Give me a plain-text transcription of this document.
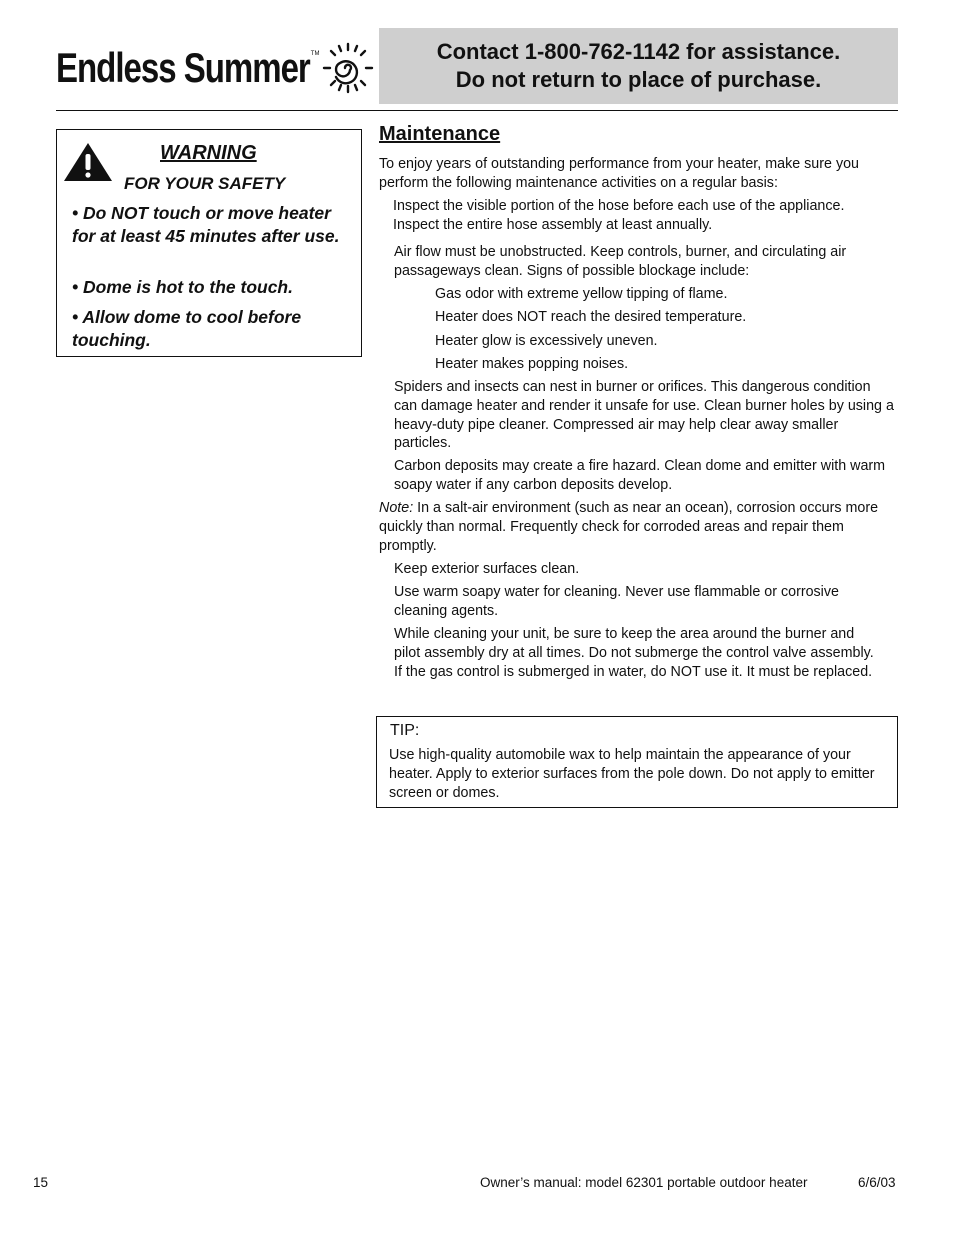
Endless Summer TM	Contact 1-800-762-1142 for assistance.
Do not return to place of purchase.
WARNING
FOR YOUR SAFETY
• Do NOT touch or move heater for at least 45 minutes after use.
• Dome is hot to the touch.
• Allow dome to cool before touching.
Maintenance
To enjoy years of outstanding performance from your heater, make sure you perform the following maintenance activities on a regular basis:
Inspect the visible portion of the hose before each use of the appliance. Inspect the entire hose assembly at least annually.
Air flow must be unobstructed. Keep controls, burner, and circulating air passageways clean. Signs of possible blockage include:
Gas odor with extreme yellow tipping of flame.
Heater does NOT reach the desired temperature.
Heater glow is excessively uneven.
Heater makes popping noises.
Spiders and insects can nest in burner or orifices. This dangerous condition can damage heater and render it unsafe for use. Clean burner holes by using a heavy-duty pipe cleaner. Compressed air may help clear away smaller particles.
Carbon deposits may create a fire hazard. Clean dome and emitter with warm soapy water if any carbon deposits develop.
Note: In a salt-air environment (such as near an ocean), corrosion occurs more quickly than normal. Frequently check for corroded areas and repair them promptly.
Keep exterior surfaces clean.
Use warm soapy water for cleaning. Never use flammable or corrosive cleaning agents.
While cleaning your unit, be sure to keep the area around the burner and pilot assembly dry at all times. Do not submerge the control valve assembly. If the gas control is submerged in water, do NOT use it. It must be replaced.
TIP:
Use high-quality automobile wax to help maintain the appearance of your heater. Apply to exterior surfaces from the pole down. Do not apply to emitter screen or domes.
15	Owner’s manual: model 62301 portable outdoor heater	6/6/03
